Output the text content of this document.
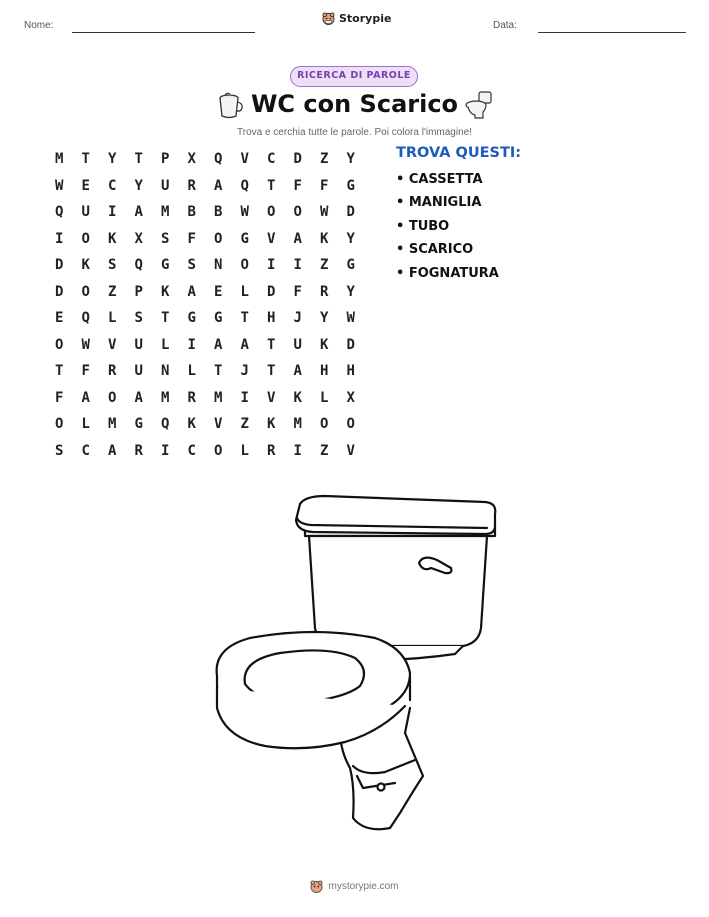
Nome:
Storypie
Data:
RICERCA DI PAROLE
WC con Scarico
Trova e cerchia tutte le parole. Poi colora l'immagine!
M	T	Y	T	P	X	Q	V	C	D	Z	Y
W	E	C	Y	U	R	A	Q	T	F	F	G
Q	U	I	A	M	B	B	W	O	O	W	D
I	O	K	X	S	F	O	G	V	A	K	Y
D	K	S	Q	G	S	N	O	I	I	Z	G
D	O	Z	P	K	A	E	L	D	F	R	Y
E	Q	L	S	T	G	G	T	H	J	Y	W
O	W	V	U	L	I	A	A	T	U	K	D
T	F	R	U	N	L	T	J	T	A	H	H
F	A	O	A	M	R	M	I	V	K	L	X
O	L	M	G	Q	K	V	Z	K	M	O	O
S	C	A	R	I	C	O	L	R	I	Z	V
TROVA QUESTI:
• CASSETTA
• MANIGLIA
• TUBO
• SCARICO
• FOGNATURA
mystorypie.com
